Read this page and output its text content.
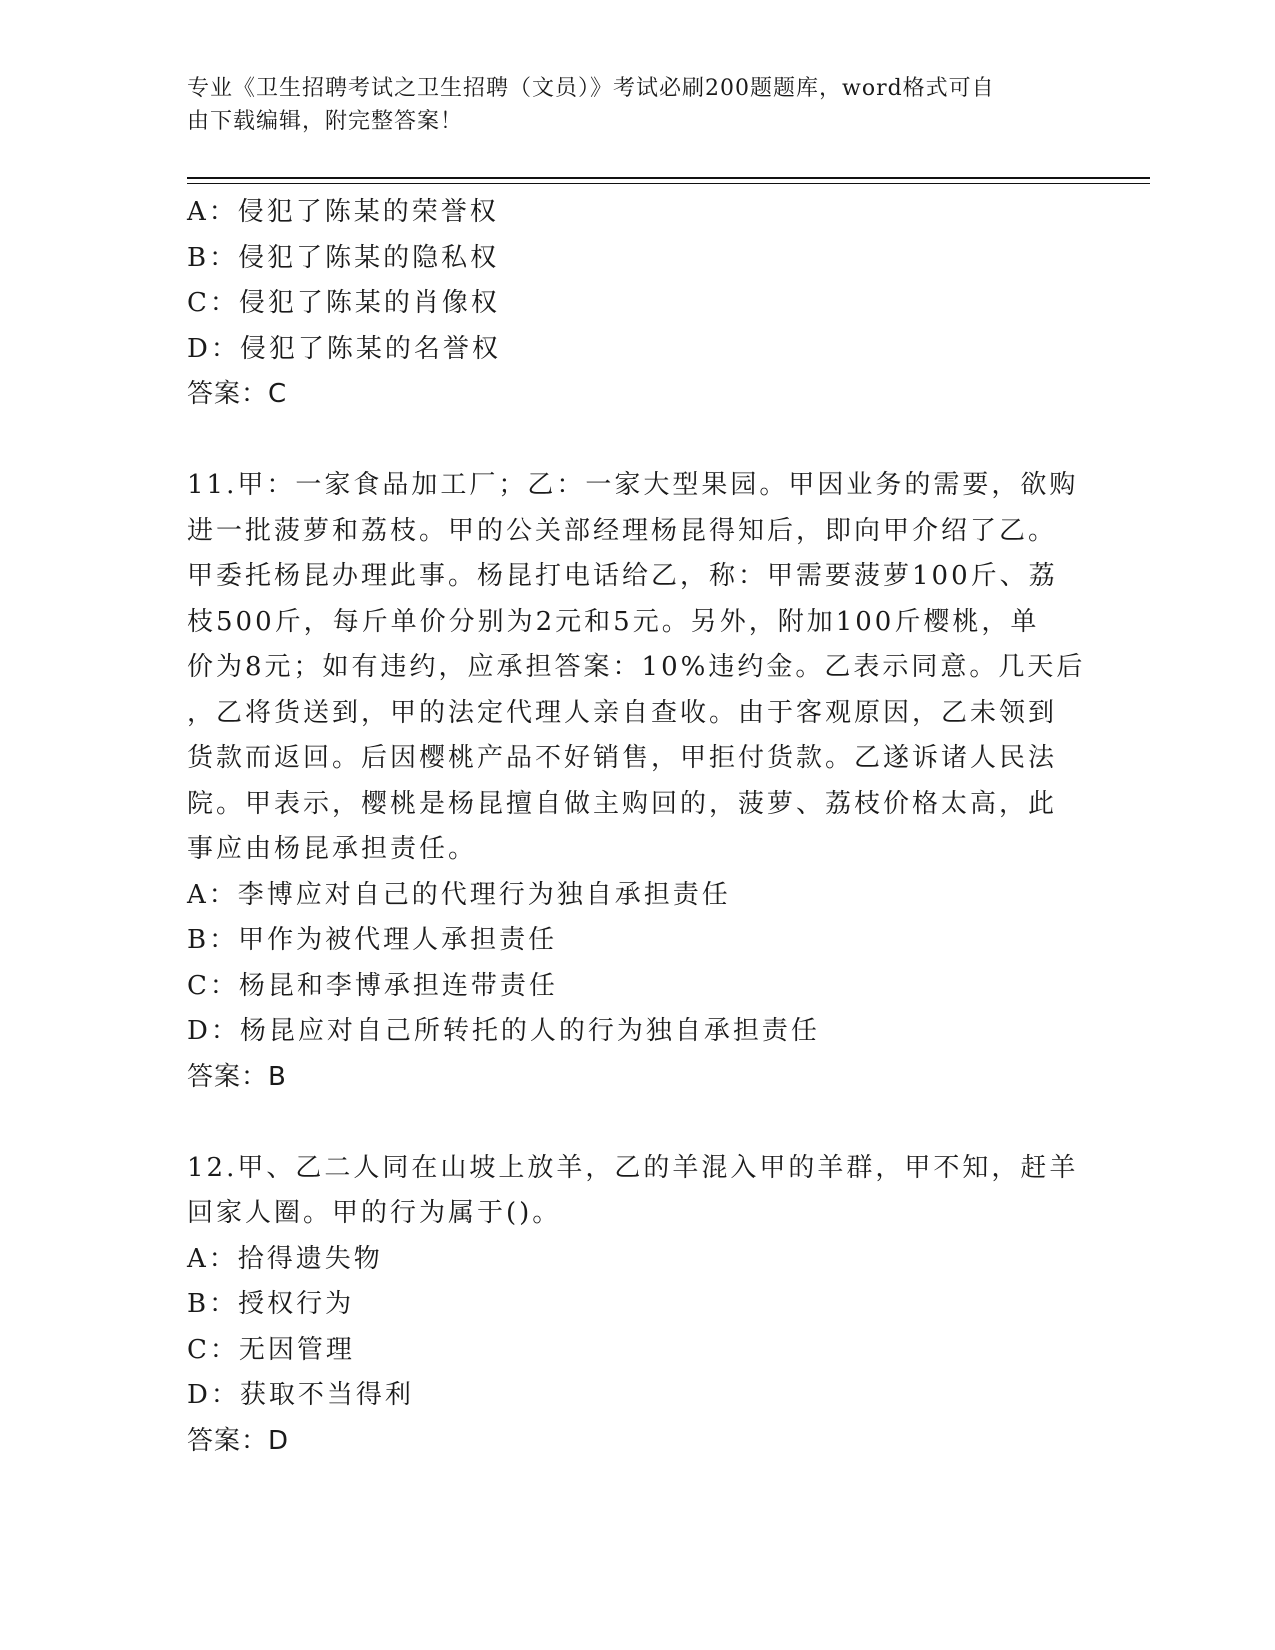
专业《卫生招聘考试之卫生招聘（文员）》考试必刷200题题库，word格式可自
由下载编辑，附完整答案！
A：侵犯了陈某的荣誉权
B：侵犯了陈某的隐私权
C：侵犯了陈某的肖像权
D：侵犯了陈某的名誉权
答案：C
11.甲：一家食品加工厂；乙：一家大型果园。甲因业务的需要，欲购
进一批菠萝和荔枝。甲的公关部经理杨昆得知后，即向甲介绍了乙。
甲委托杨昆办理此事。杨昆打电话给乙，称：甲需要菠萝100斤、荔
枝500斤，每斤单价分别为2元和5元。另外，附加100斤樱桃，单
价为8元；如有违约，应承担答案：10%违约金。乙表示同意。几天后
，乙将货送到，甲的法定代理人亲自查收。由于客观原因，乙未领到
货款而返回。后因樱桃产品不好销售，甲拒付货款。乙遂诉诸人民法
院。甲表示，樱桃是杨昆擅自做主购回的，菠萝、荔枝价格太高，此
事应由杨昆承担责任。
A：李博应对自己的代理行为独自承担责任
B：甲作为被代理人承担责任
C：杨昆和李博承担连带责任
D：杨昆应对自己所转托的人的行为独自承担责任
答案：B
12.甲、乙二人同在山坡上放羊，乙的羊混入甲的羊群，甲不知，赶羊
回家人圈。甲的行为属于()。
A：拾得遗失物
B：授权行为
C：无因管理
D：获取不当得利
答案：D
